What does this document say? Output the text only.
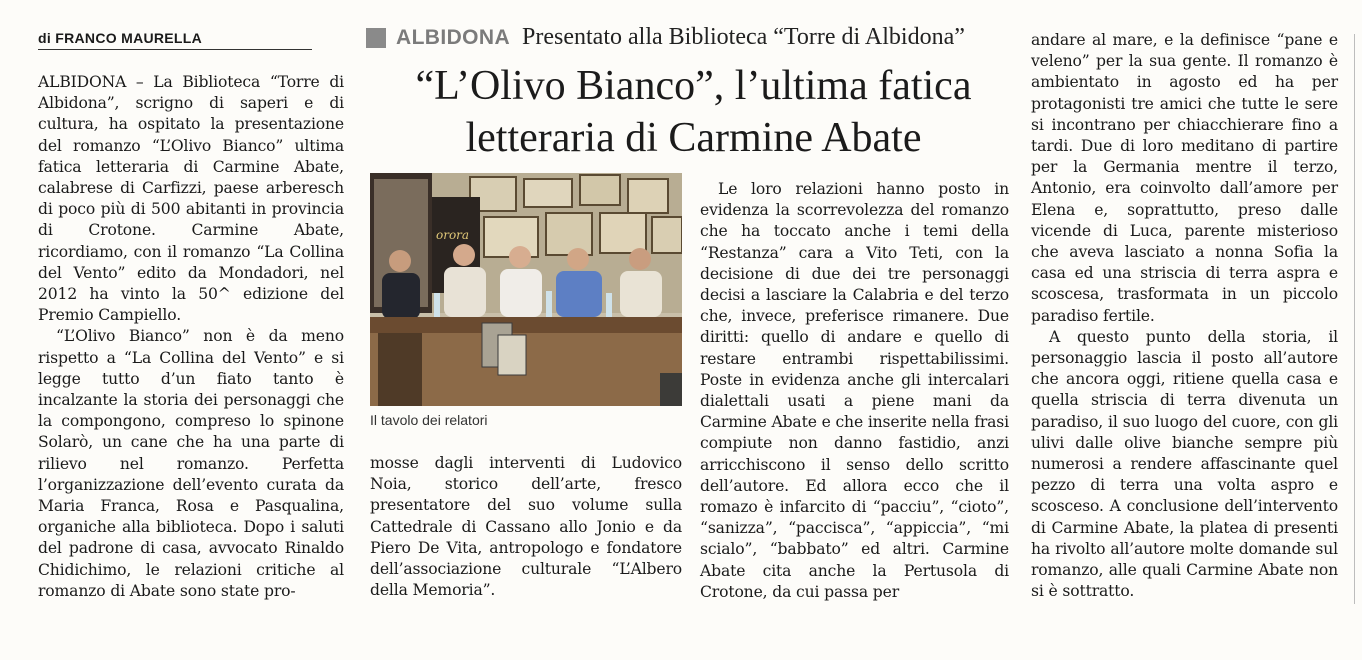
di FRANCO MAURELLA	ALBIDONA Presentato alla Biblioteca “Torre di Albidona”
“L’Olivo Bianco”, l’ultima fatica
letteraria di Carmine Abate

ALBIDONA – La Biblioteca “Torre di Albidona”, scrigno di saperi e di cultura, ha ospitato la presentazione del romanzo “L’Olivo Bianco” ultima fatica letteraria di Carmine Abate, calabrese di Carfizzi, paese arberesch di poco più di 500 abitanti in provincia di Crotone. Carmine Abate, ricordiamo, con il romanzo “La Collina del Vento” edito da Mondadori, nel 2012 ha vinto la 50^ edizione del Premio Campiello.

“L’Olivo Bianco” non è da meno rispetto a “La Collina del Vento” e si legge tutto d’un fiato tanto è incalzante la storia dei personaggi che la compongono, compreso lo spinone Solarò, un cane che ha una parte di rilievo nel romanzo. Perfetta l’organizzazione dell’evento curata da Maria Franca, Rosa e Pasqualina, organiche alla biblioteca. Dopo i saluti del padrone di casa, avvocato Rinaldo Chidichimo, le relazioni critiche al romanzo di Abate sono state pro-

orora
Il tavolo dei relatori

mosse dagli interventi di Ludovico Noia, storico dell’arte, fresco presentatore del suo volume sulla Cattedrale di Cassano allo Jonio e da Piero De Vita, antropologo e fondatore dell’associazione culturale “L’Albero della Memoria”.

Le loro relazioni hanno posto in evidenza la scorrevolezza del romanzo che ha toccato anche i temi della “Restanza” cara a Vito Teti, con la decisione di due dei tre personaggi decisi a lasciare la Calabria e del terzo che, invece, preferisce rimanere. Due diritti: quello di andare e quello di restare entrambi rispettabilissimi. Poste in evidenza anche gli intercalari dialettali usati a piene mani da Carmine Abate e che inserite nella frasi compiute non danno fastidio, anzi arricchiscono il senso dello scritto dell’autore. Ed allora ecco che il romazo è infarcito di “pacciu”, “cioto”, “sanizza”, “paccisca”, “appiccia”, “mi scialo”, “babbato” ed altri. Carmine Abate cita anche la Pertusola di Crotone, da cui passa per

andare al mare, e la definisce “pane e veleno” per la sua gente. Il romanzo è ambientato in agosto ed ha per protagonisti tre amici che tutte le sere si incontrano per chiacchierare fino a tardi. Due di loro meditano di partire per la Germania mentre il terzo, Antonio, era coinvolto dall’amore per Elena e, soprattutto, preso dalle vicende di Luca, parente misterioso che aveva lasciato a nonna Sofia la casa ed una striscia di terra aspra e scoscesa, trasformata in un piccolo paradiso fertile.

A questo punto della storia, il personaggio lascia il posto all’autore che ancora oggi, ritiene quella casa e quella striscia di terra divenuta un paradiso, il suo luogo del cuore, con gli ulivi dalle olive bianche sempre più numerosi a rendere affascinante quel pezzo di terra una volta aspro e scosceso. A conclusione dell’intervento di Carmine Abate, la platea di presenti ha rivolto all’autore molte domande sul romanzo, alle quali Carmine Abate non si è sottratto.
